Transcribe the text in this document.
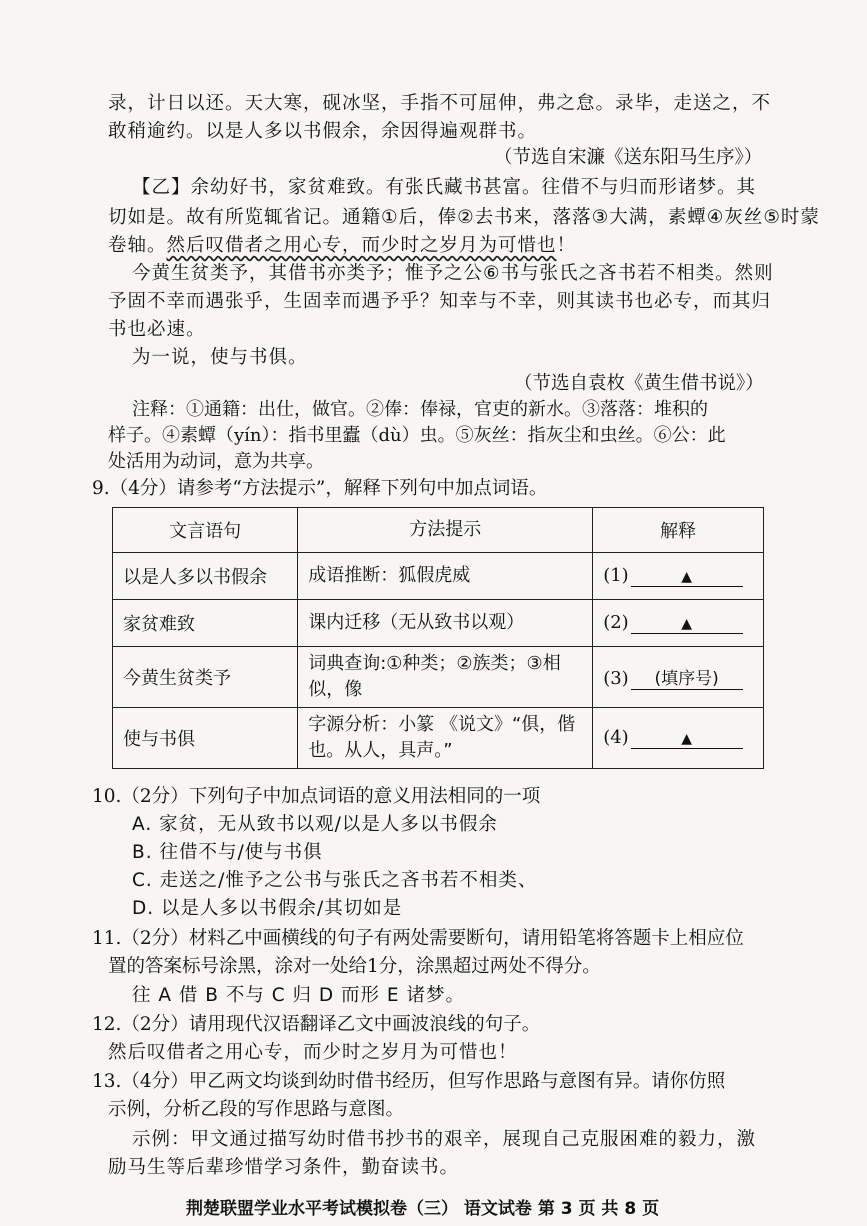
录，计日以还。天大寒，砚冰坚，手指不可屈伸，弗之怠。录毕，走送之，不
敢稍逾约。以是人多以书假余，余因得遍观群书。
（节选自宋濂《送东阳马生序》）
【乙】余幼好书，家贫难致。有张氏藏书甚富。往借不与归而形诸梦。其
切如是。故有所览辄省记。通籍①后，俸②去书来，落落③大满，素蟫④灰丝⑤时蒙
卷轴。然后叹借者之用心专，而少时之岁月为可惜也！
今黄生贫类予，其借书亦类予；惟予之公⑥书与张氏之吝书若不相类。然则
予固不幸而遇张乎，生固幸而遇予乎？知幸与不幸，则其读书也必专，而其归
书也必速。
为一说，使与书俱。
（节选自袁枚《黄生借书说》）
注释：①通籍：出仕，做官。②俸：俸禄，官吏的新水。③落落：堆积的
样子。④素蟫（yín）：指书里蠹（dù）虫。⑤灰丝：指灰尘和虫丝。⑥公：此
处活用为动词，意为共享。
9.（4分）请参考“方法提示”，解释下列句中加点词语。
文言语句	方法提示	解释
以是人多以书假余	成语推断：狐假虎威	(1) ▲
家贫难致	课内迁移（无从致书以观）	(2) ▲
今黄生贫类予	词典查询:①种类；②族类；③相似，像	(3) (填序号)
使与书俱	字源分析：小篆 《说文》“俱，偕也。从人，具声。”	(4) ▲
10.（2分）下列句子中加点词语的意义用法相同的一项
A. 家贫，无从致书以观/以是人多以书假余
B. 往借不与/使与书俱
C. 走送之/惟予之公书与张氏之吝书若不相类、
D. 以是人多以书假余/其切如是
11.（2分）材料乙中画横线的句子有两处需要断句，请用铅笔将答题卡上相应位
置的答案标号涂黑，涂对一处给1分，涂黑超过两处不得分。
往 A 借 B 不与 C 归 D 而形 E 诸梦。
12.（2分）请用现代汉语翻译乙文中画波浪线的句子。
然后叹借者之用心专，而少时之岁月为可惜也！
13.（4分）甲乙两文均谈到幼时借书经历，但写作思路与意图有异。请你仿照
示例，分析乙段的写作思路与意图。
示例：甲文通过描写幼时借书抄书的艰辛，展现自己克服困难的毅力，激
励马生等后辈珍惜学习条件，勤奋读书。
荆楚联盟学业水平考试模拟卷（三） 语文试卷 第 3 页 共 8 页
